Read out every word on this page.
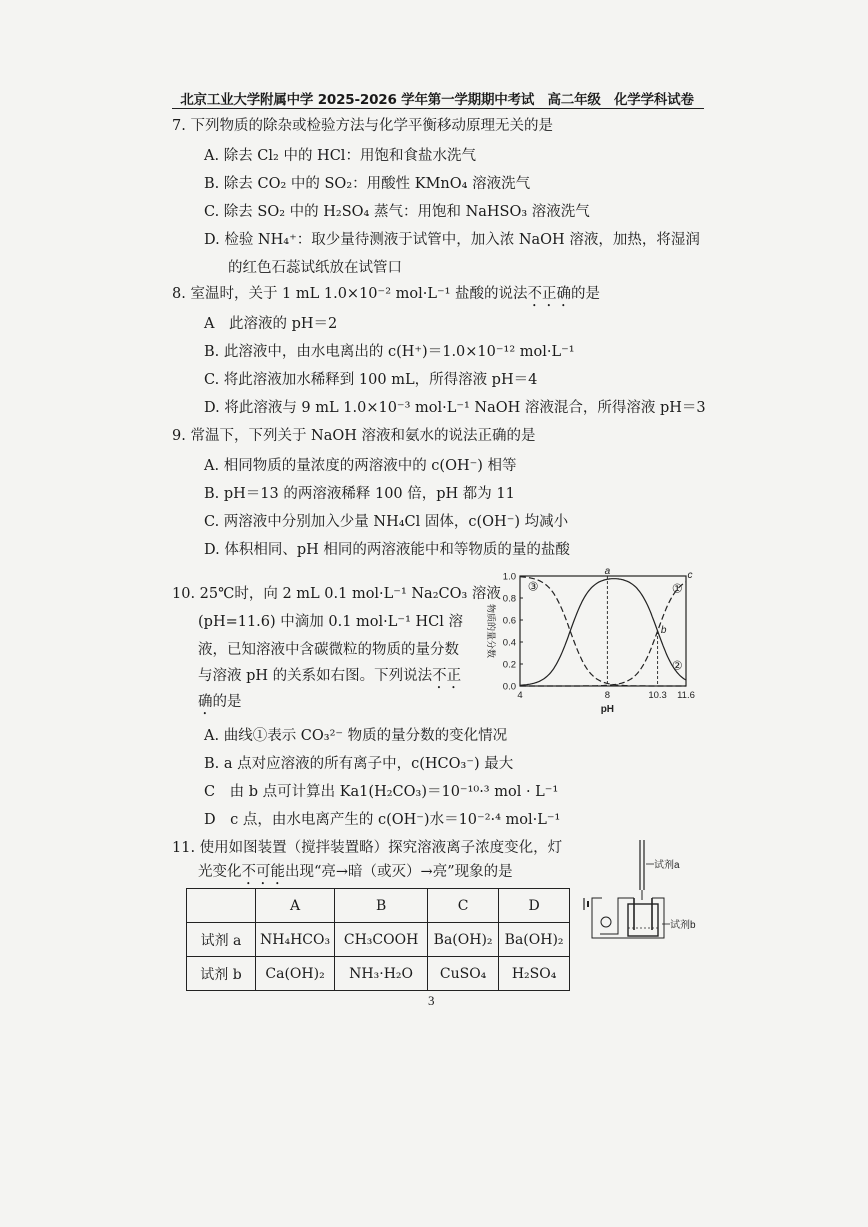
北京工业大学附属中学 2025-2026 学年第一学期期中考试　高二年级　化学学科试卷
7. 下列物质的除杂或检验方法与化学平衡移动原理无关的是
A. 除去 Cl₂ 中的 HCl：用饱和食盐水洗气
B. 除去 CO₂ 中的 SO₂：用酸性 KMnO₄ 溶液洗气
C. 除去 SO₂ 中的 H₂SO₄ 蒸气：用饱和 NaHSO₃ 溶液洗气
D. 检验 NH₄⁺：取少量待测液于试管中，加入浓 NaOH 溶液，加热，将湿润
的红色石蕊试纸放在试管口
8. 室温时，关于 1 mL 1.0×10⁻² mol·L⁻¹ 盐酸的说法不正确的是
A　此溶液的 pH＝2
B. 此溶液中，由水电离出的 c(H⁺)＝1.0×10⁻¹² mol·L⁻¹
C. 将此溶液加水稀释到 100 mL，所得溶液 pH＝4
D. 将此溶液与 9 mL 1.0×10⁻³ mol·L⁻¹ NaOH 溶液混合，所得溶液 pH＝3
9. 常温下，下列关于 NaOH 溶液和氨水的说法正确的是
A. 相同物质的量浓度的两溶液中的 c(OH⁻) 相等
B. pH＝13 的两溶液稀释 100 倍，pH 都为 11
C. 两溶液中分别加入少量 NH₄Cl 固体，c(OH⁻) 均减小
D. 体积相同、pH 相同的两溶液能中和等物质的量的盐酸
10. 25℃时，向 2 mL 0.1 mol·L⁻¹ Na₂CO₃ 溶液
(pH=11.6) 中滴加 0.1 mol·L⁻¹ HCl 溶
液，已知溶液中含碳微粒的物质的量分数
与溶液 pH 的关系如右图。下列说法不正
确的是
0.0
0.2
0.4
0.6
0.8
1.0
4	8	10.3 11.6
pH
物质的量分数
③	①
②
a
b
c
A. 曲线①表示 CO₃²⁻ 物质的量分数的变化情况
B. a 点对应溶液的所有离子中，c(HCO₃⁻) 最大
C　由 b 点可计算出 Ka1(H₂CO₃)＝10⁻¹⁰·³ mol · L⁻¹
D　c 点，由水电离产生的 c(OH⁻)水＝10⁻²·⁴ mol·L⁻¹
11. 使用如图装置（搅拌装置略）探究溶液离子浓度变化，灯
光变化不可能出现“亮→暗（或灭）→亮”现象的是
	A	B	C	D
试剂 a	NH₄HCO₃	CH₃COOH	Ba(OH)₂	Ba(OH)₂
试剂 b	Ca(OH)₂	NH₃·H₂O	CuSO₄	H₂SO₄
试剂a
试剂b
3
